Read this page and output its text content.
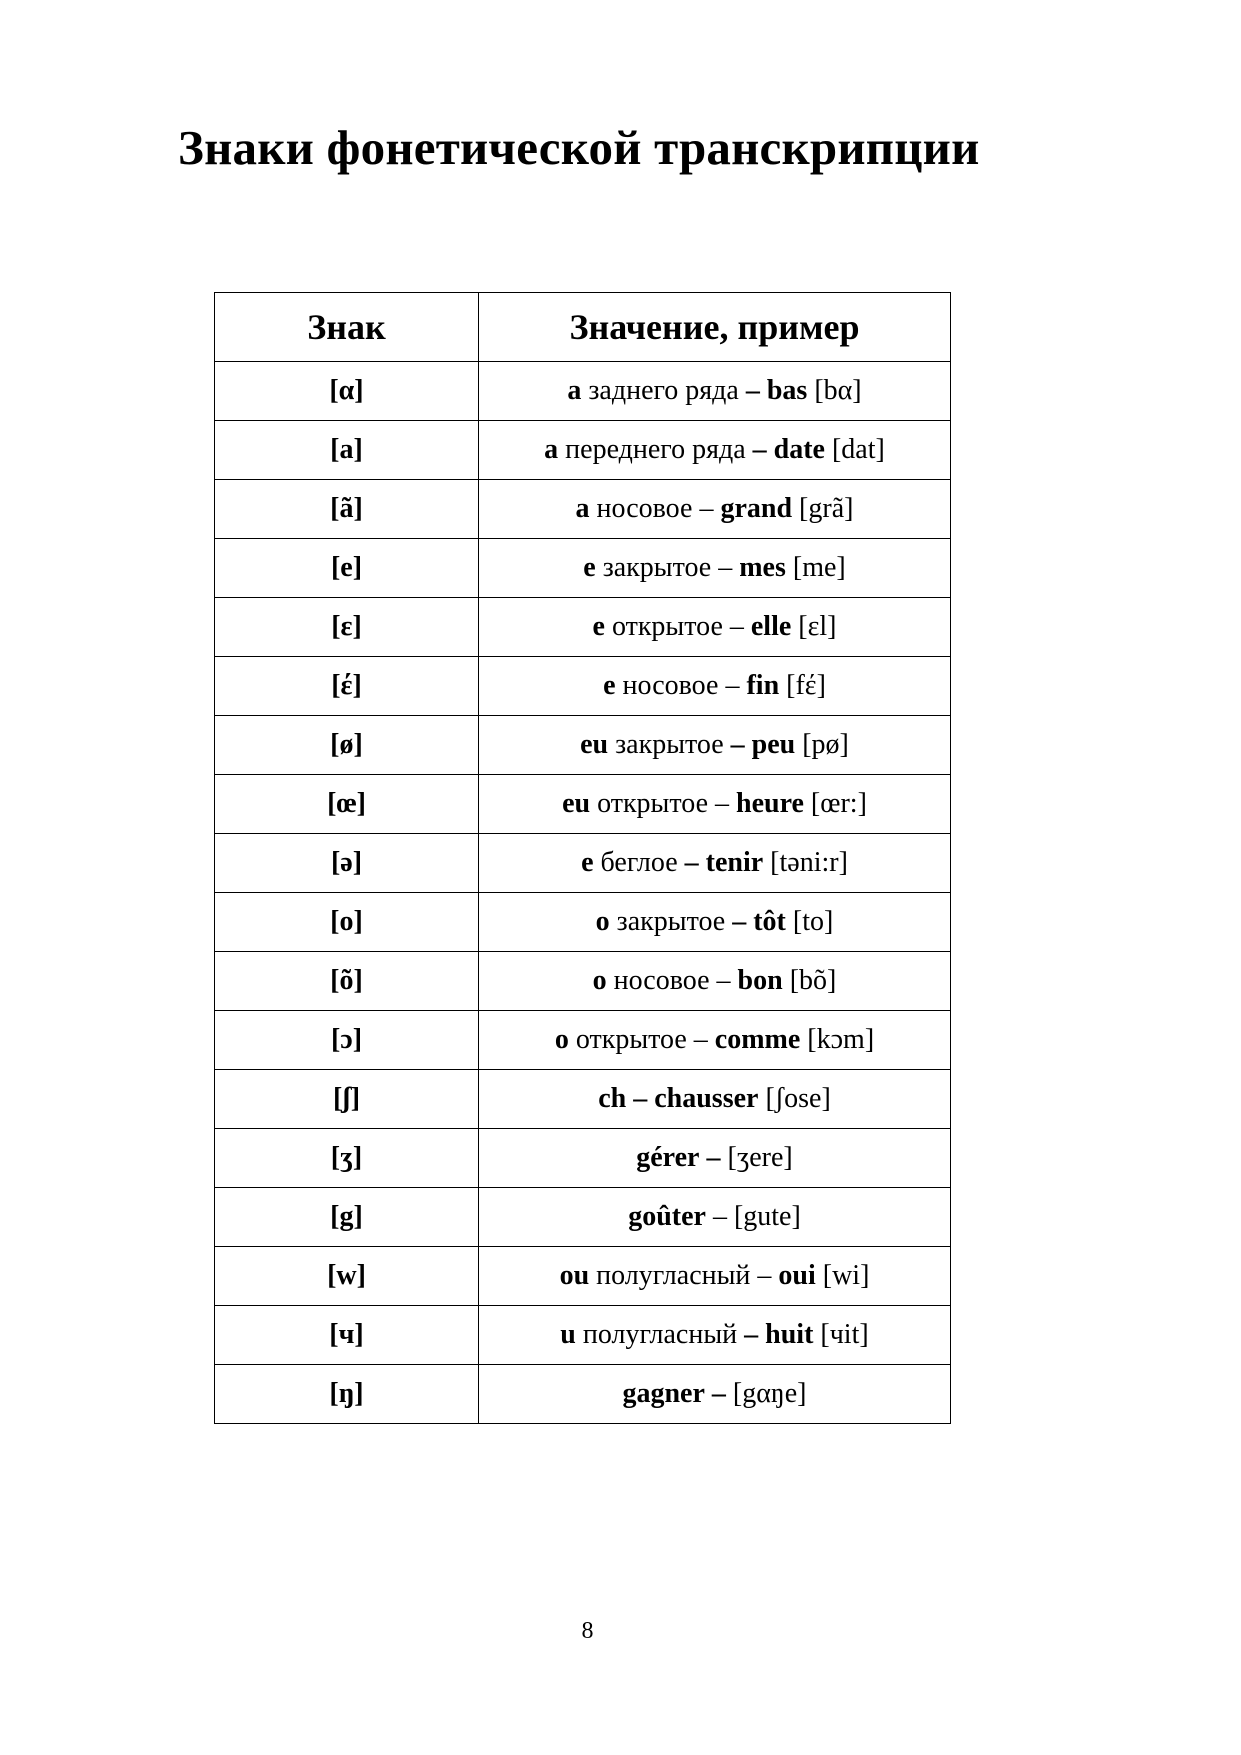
Знаки фонетической транскрипции
Знак	Значение, пример
[α]	a заднего ряда – bas [bα]
[a]	a переднего ряда – date [dat]
[ã]	a носовое – grand [grã]
[e]	e закрытое – mes [me]
[ε]	e открытое – elle [εl]
[έ]	e носовое – fin [fέ]
[ø]	eu закрытое – peu [pø]
[œ]	eu открытое – heure [œr:]
[ə]	e беглое – tenir [təni:r]
[o]	o закрытое – tôt [to]
[õ]	o носовое – bon [bõ]
[ɔ]	o открытое – comme [kɔm]
[ʃ]	ch – chausser [ʃose]
[ʒ]	gérer – [ʒere]
[g]	goûter – [gute]
[w]	ou полугласный – oui [wi]
[ч]	u полугласный – huit [чit]
[ŋ]	gagner – [gαŋe]
8
